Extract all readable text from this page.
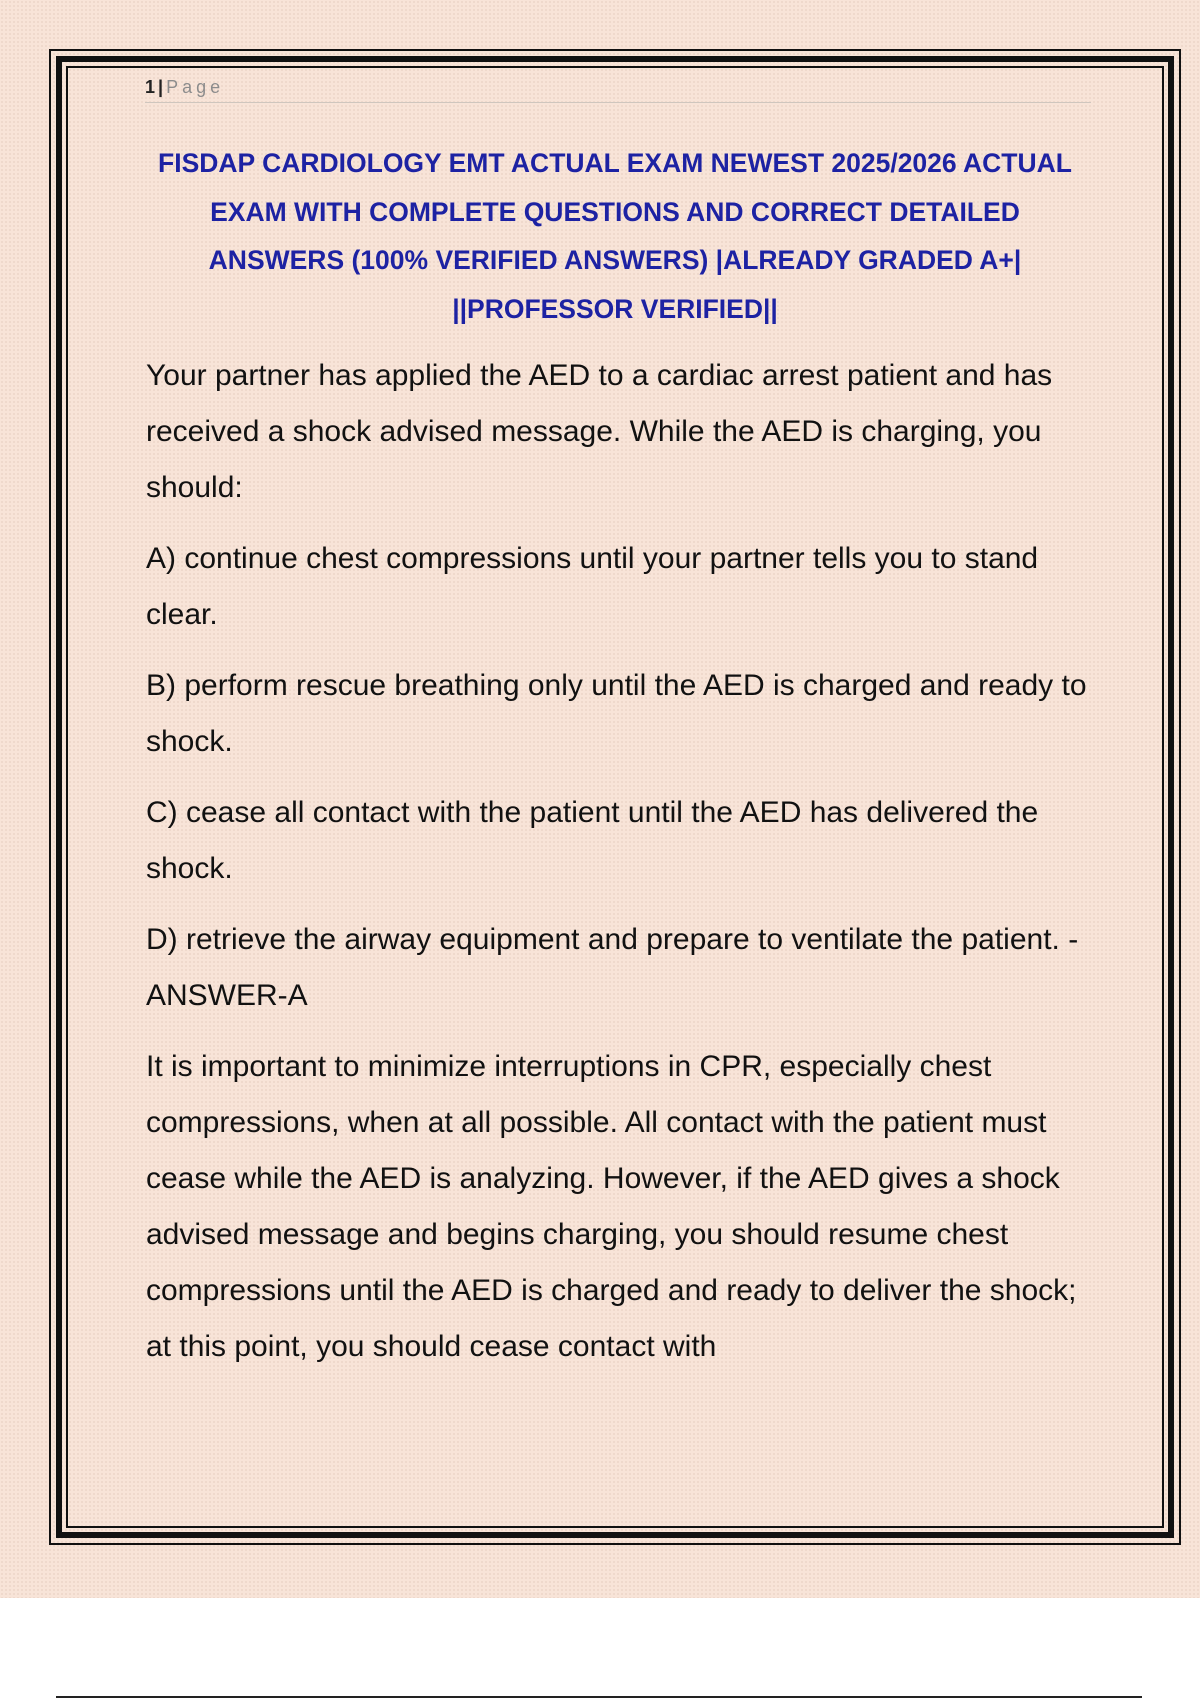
1 | Page
FISDAP CARDIOLOGY EMT ACTUAL EXAM NEWEST 2025/2026 ACTUAL EXAM WITH COMPLETE QUESTIONS AND CORRECT DETAILED ANSWERS (100% VERIFIED ANSWERS) |ALREADY GRADED A+| ||PROFESSOR VERIFIED||

Your partner has applied the AED to a cardiac arrest patient and has received a shock advised message. While the AED is charging, you should:

A) continue chest compressions until your partner tells you to stand clear.

B) perform rescue breathing only until the AED is charged and ready to shock.

C) cease all contact with the patient until the AED has delivered the shock.

D) retrieve the airway equipment and prepare to ventilate the patient. - ANSWER-A

It is important to minimize interruptions in CPR, especially chest compressions, when at all possible. All contact with the patient must cease while the AED is analyzing. However, if the AED gives a shock advised message and begins charging, you should resume chest compressions until the AED is charged and ready to deliver the shock; at this point, you should cease contact with
